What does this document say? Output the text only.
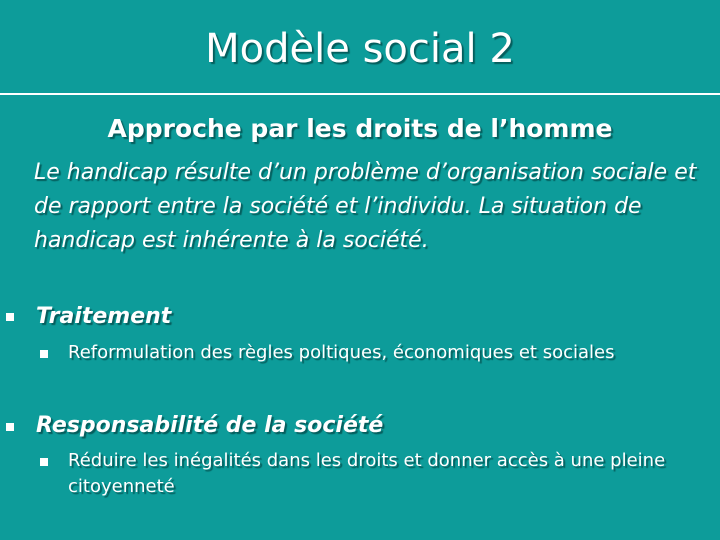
Modèle social 2
Approche par les droits de l’homme
Le handicap résulte d’un problème d’organisation sociale et de rapport entre la société et l’individu. La situation de handicap est inhérente à la société.
Traitement
Reformulation des règles poltiques, économiques et sociales
Responsabilité de la société
Réduire les inégalités dans les droits et donner accès à une pleine citoyenneté
